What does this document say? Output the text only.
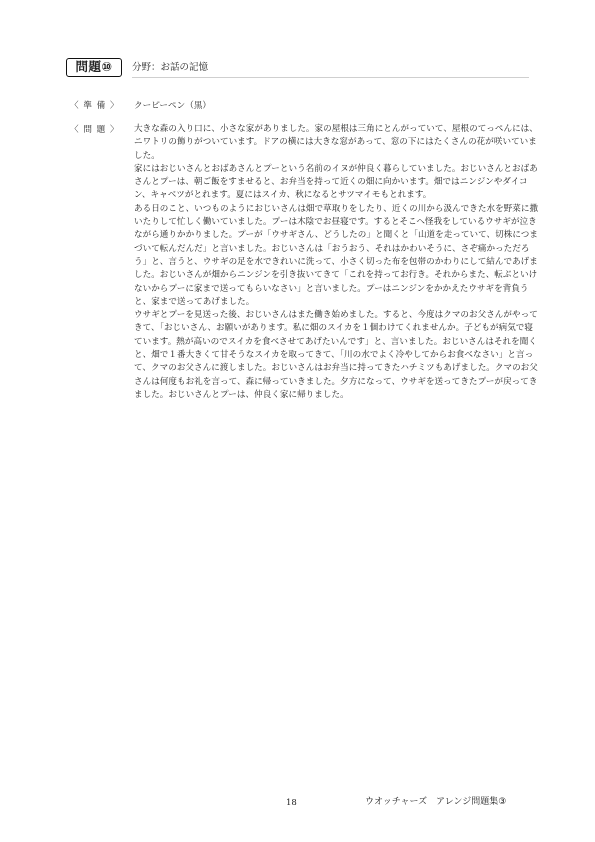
問題⑩	分野：お話の記憶
〈 準 備 〉 クーピーペン（黒）
〈 問 題 〉 大きな森の入り口に、小さな家がありました。家の屋根は三角にとんがっていて、屋根のてっぺんには、ニワトリの飾りがついています。ドアの横には大きな窓があって、窓の下にはたくさんの花が咲いていました。

家にはおじいさんとおばあさんとプーという名前のイヌが仲良く暮らしていました。おじいさんとおばあさんとプーは、朝ご飯をすませると、お弁当を持って近くの畑に向かいます。畑ではニンジンやダイコン、キャベツがとれます。夏にはスイカ、秋になるとサツマイモもとれます。

ある日のこと、いつものようにおじいさんは畑で草取りをしたり、近くの川から汲んできた水を野菜に撒いたりして忙しく働いていました。プーは木陰でお昼寝です。するとそこへ怪我をしているウサギが泣きながら通りかかりました。プーが「ウサギさん、どうしたの」と聞くと「山道を走っていて、切株につまづいて転んだんだ」と言いました。おじいさんは「おうおう、それはかわいそうに、さぞ痛かっただろう」と、言うと、ウサギの足を水できれいに洗って、小さく切った布を包帯のかわりにして結んであげました。おじいさんが畑からニンジンを引き抜いてきて「これを持ってお行き。それからまた、転ぶといけないからプーに家まで送ってもらいなさい」と言いました。プーはニンジンをかかえたウサギを背負うと、家まで送ってあげました。

ウサギとプーを見送った後、おじいさんはまた働き始めました。すると、今度はクマのお父さんがやってきて、「おじいさん、お願いがあります。私に畑のスイカを１個わけてくれませんか。子どもが病気で寝ています。熱が高いのでスイカを食べさせてあげたいんです」と、言いました。おじいさんはそれを聞くと、畑で１番大きくて甘そうなスイカを取ってきて、「川の水でよく冷やしてからお食べなさい」と言って、クマのお父さんに渡しました。おじいさんはお弁当に持ってきたハチミツもあげました。クマのお父さんは何度もお礼を言って、森に帰っていきました。夕方になって、ウサギを送ってきたプーが戻ってきました。おじいさんとプーは、仲良く家に帰りました。

18	ウオッチャーズ　アレンジ問題集③
